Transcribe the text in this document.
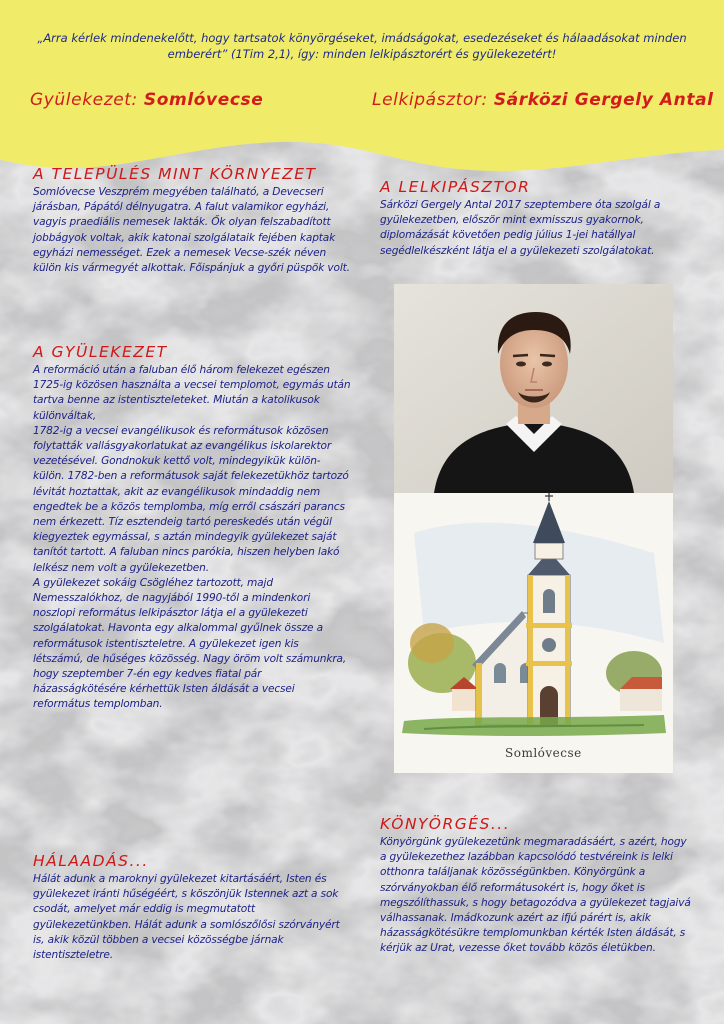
„Arra kérlek mindenekelőtt, hogy tartsatok könyörgéseket, imádságokat, esedezéseket és hálaadásokat minden emberért” (1Tim 2,1), így: minden lelkipásztorért és gyülekezetért!
Gyülekezet: Somlóvecse	Lelkipásztor: Sárközi Gergely Antal
A TELEPÜLÉS MINT KÖRNYEZET

Somlóvecse Veszprém megyében található, a Devecseri járásban, Pápától délnyugatra. A falut valamikor egyházi, vagyis praediális nemesek lakták. Ők olyan felszabadított jobbágyok voltak, akik katonai szolgálataik fejében kaptak egyházi nemességet. Ezek a nemesek Vecse-szék néven külön kis vármegyét alkottak. Főispánjuk a győri püspök volt.

A GYÜLEKEZET

A reformáció után a faluban élő három felekezet egészen 1725-ig közösen használta a vecsei templomot, egymás után tartva benne az istentiszteleteket. Miután a katolikusok különváltak,

1782-ig a vecsei evangélikusok és reformátusok közösen folytatták vallásgyakorlatukat az evangélikus iskolarektor vezetésével. Gondnokuk kettő volt, mindegyikük külön-külön. 1782-ben a reformátusok saját felekezetükhöz tartozó lévitát hoztattak, akit az evangélikusok mindaddig nem engedtek be a közös templomba, míg erről császári parancs nem érkezett. Tíz esztendeig tartó pereskedés után végül kiegyeztek egymással, s aztán mindegyik gyülekezet saját tanítót tartott. A faluban nincs parókia, hiszen helyben lakó lelkész nem volt a gyülekezetben.

A gyülekezet sokáig Csögléhez tartozott, majd Nemesszalókhoz, de nagyjából 1990-től a mindenkori noszlopi református lelkipásztor látja el a gyülekezeti szolgálatokat. Havonta egy alkalommal gyűlnek össze a reformátusok istentiszteletre. A gyülekezet igen kis létszámú, de hűséges közösség. Nagy öröm volt számunkra, hogy szeptember 7-én egy kedves fiatal pár házasságkötésére kérhettük Isten áldását a vecsei református templomban.

HÁLAADÁS...

Hálát adunk a maroknyi gyülekezet kitartásáért, Isten és gyülekezet iránti hűségéért, s köszönjük Istennek azt a sok csodát, amelyet már eddig is megmutatott gyülekezetünkben. Hálát adunk a somlószőlősi szórványért is, akik közül többen a vecsei közösségbe járnak istentiszteletre.

A LELKIPÁSZTOR

Sárközi Gergely Antal 2017 szeptembere óta szolgál a gyülekezetben, először mint exmisszus gyakornok, diplomázását követően pedig július 1-jei hatállyal segédlelkészként látja el a gyülekezeti szolgálatokat.

Somlóvecse
KÖNYÖRGÉS...

Könyörgünk gyülekezetünk megmaradásáért, s azért, hogy a gyülekezethez lazábban kapcsolódó testvéreink is lelki otthonra találjanak közösségünkben. Könyörgünk a szórványokban élő reformátusokért is, hogy őket is megszólíthassuk, s hogy betagozódva a gyülekezet tagjaivá válhassanak. Imádkozunk azért az ifjú párért is, akik házasságkötésükre templomunkban kérték Isten áldását, s kérjük az Urat, vezesse őket tovább közös életükben.
